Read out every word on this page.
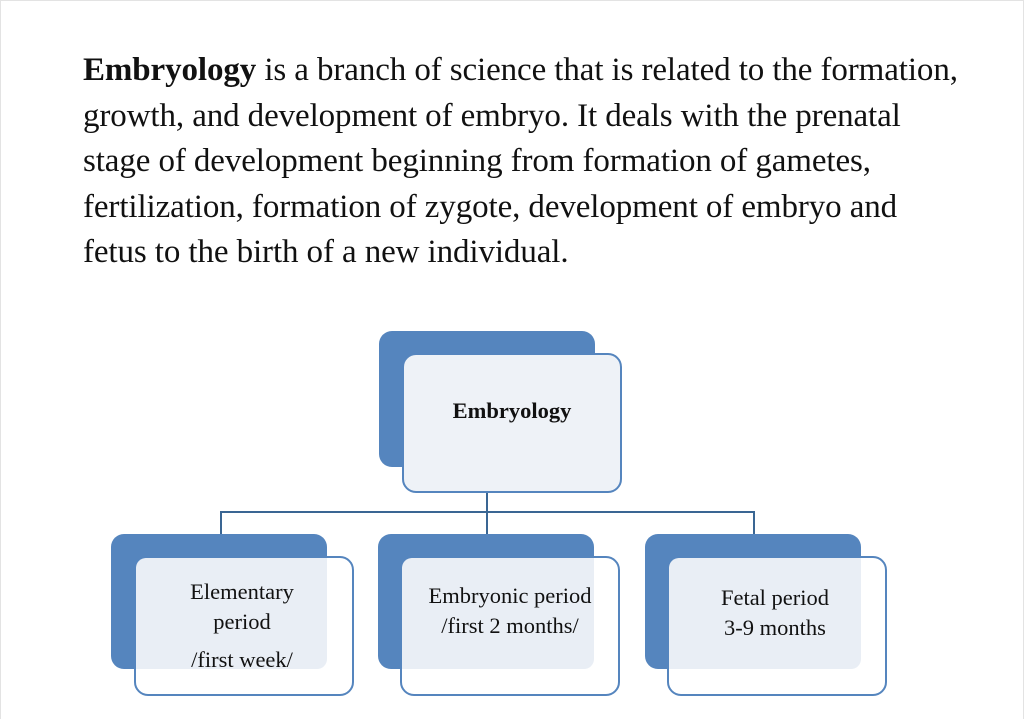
Embryology is a branch of science that is related to the formation, growth, and development of embryo. It deals with the prenatal stage of development beginning from formation of gametes, fertilization, formation of zygote, development of embryo and fetus to the birth of a new individual.

Embryology

Elementary
period
/first week/

Embryonic period
/first 2 months/

Fetal period
3-9 months
